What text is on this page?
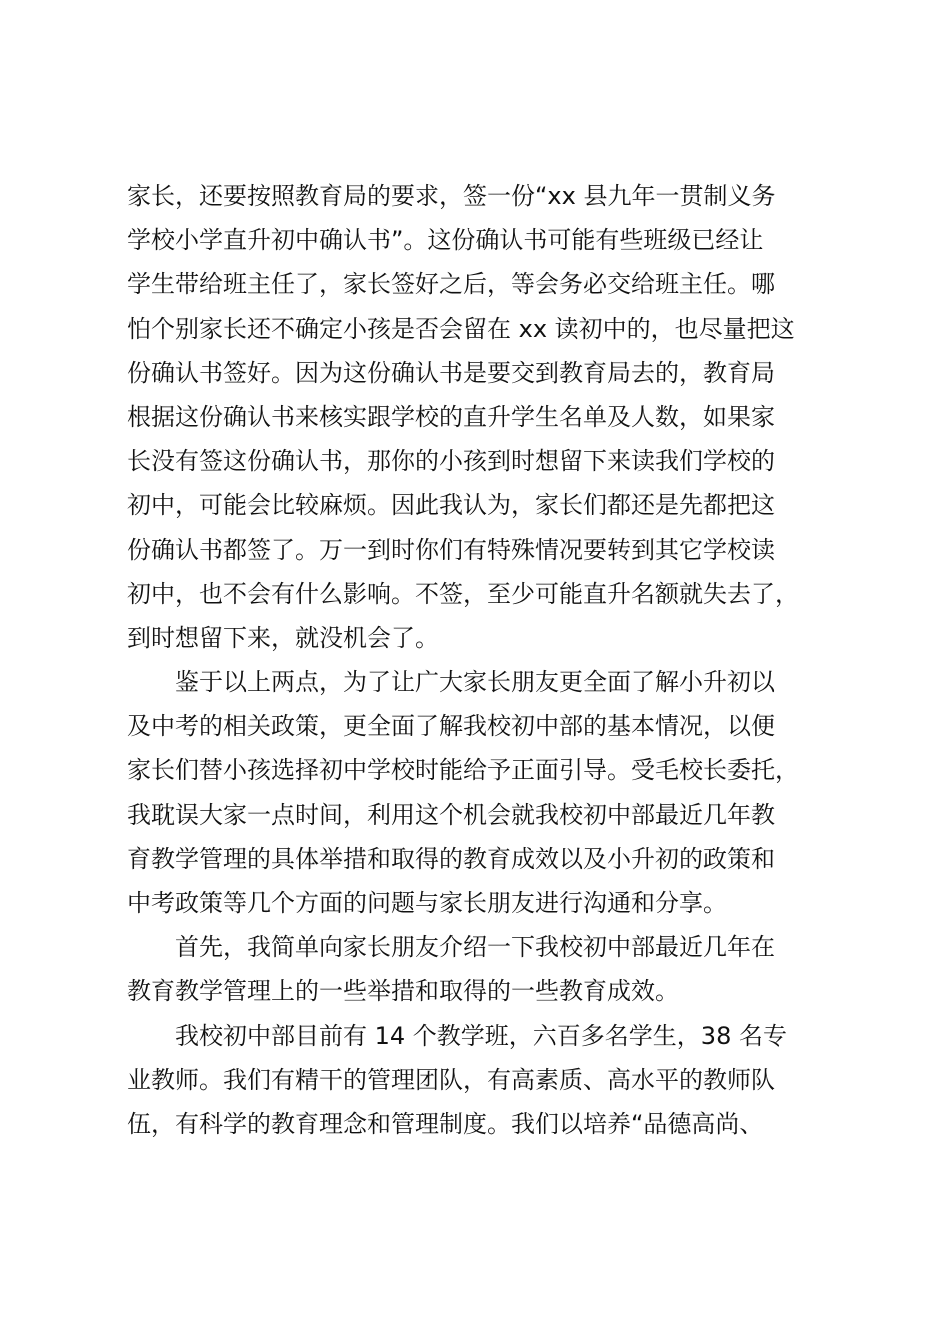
家长，还要按照教育局的要求，签一份“xx 县九年一贯制义务
学校小学直升初中确认书”。这份确认书可能有些班级已经让
学生带给班主任了，家长签好之后，等会务必交给班主任。哪
怕个别家长还不确定小孩是否会留在 xx 读初中的，也尽量把这
份确认书签好。因为这份确认书是要交到教育局去的，教育局
根据这份确认书来核实跟学校的直升学生名单及人数，如果家
长没有签这份确认书，那你的小孩到时想留下来读我们学校的
初中，可能会比较麻烦。因此我认为，家长们都还是先都把这
份确认书都签了。万一到时你们有特殊情况要转到其它学校读
初中，也不会有什么影响。不签，至少可能直升名额就失去了，
到时想留下来，就没机会了。
鉴于以上两点，为了让广大家长朋友更全面了解小升初以
及中考的相关政策，更全面了解我校初中部的基本情况，以便
家长们替小孩选择初中学校时能给予正面引导。受毛校长委托，
我耽误大家一点时间，利用这个机会就我校初中部最近几年教
育教学管理的具体举措和取得的教育成效以及小升初的政策和
中考政策等几个方面的问题与家长朋友进行沟通和分享。
首先，我简单向家长朋友介绍一下我校初中部最近几年在
教育教学管理上的一些举措和取得的一些教育成效。
我校初中部目前有 14 个教学班，六百多名学生，38 名专
业教师。我们有精干的管理团队，有高素质、高水平的教师队
伍，有科学的教育理念和管理制度。我们以培养“品德高尚、
